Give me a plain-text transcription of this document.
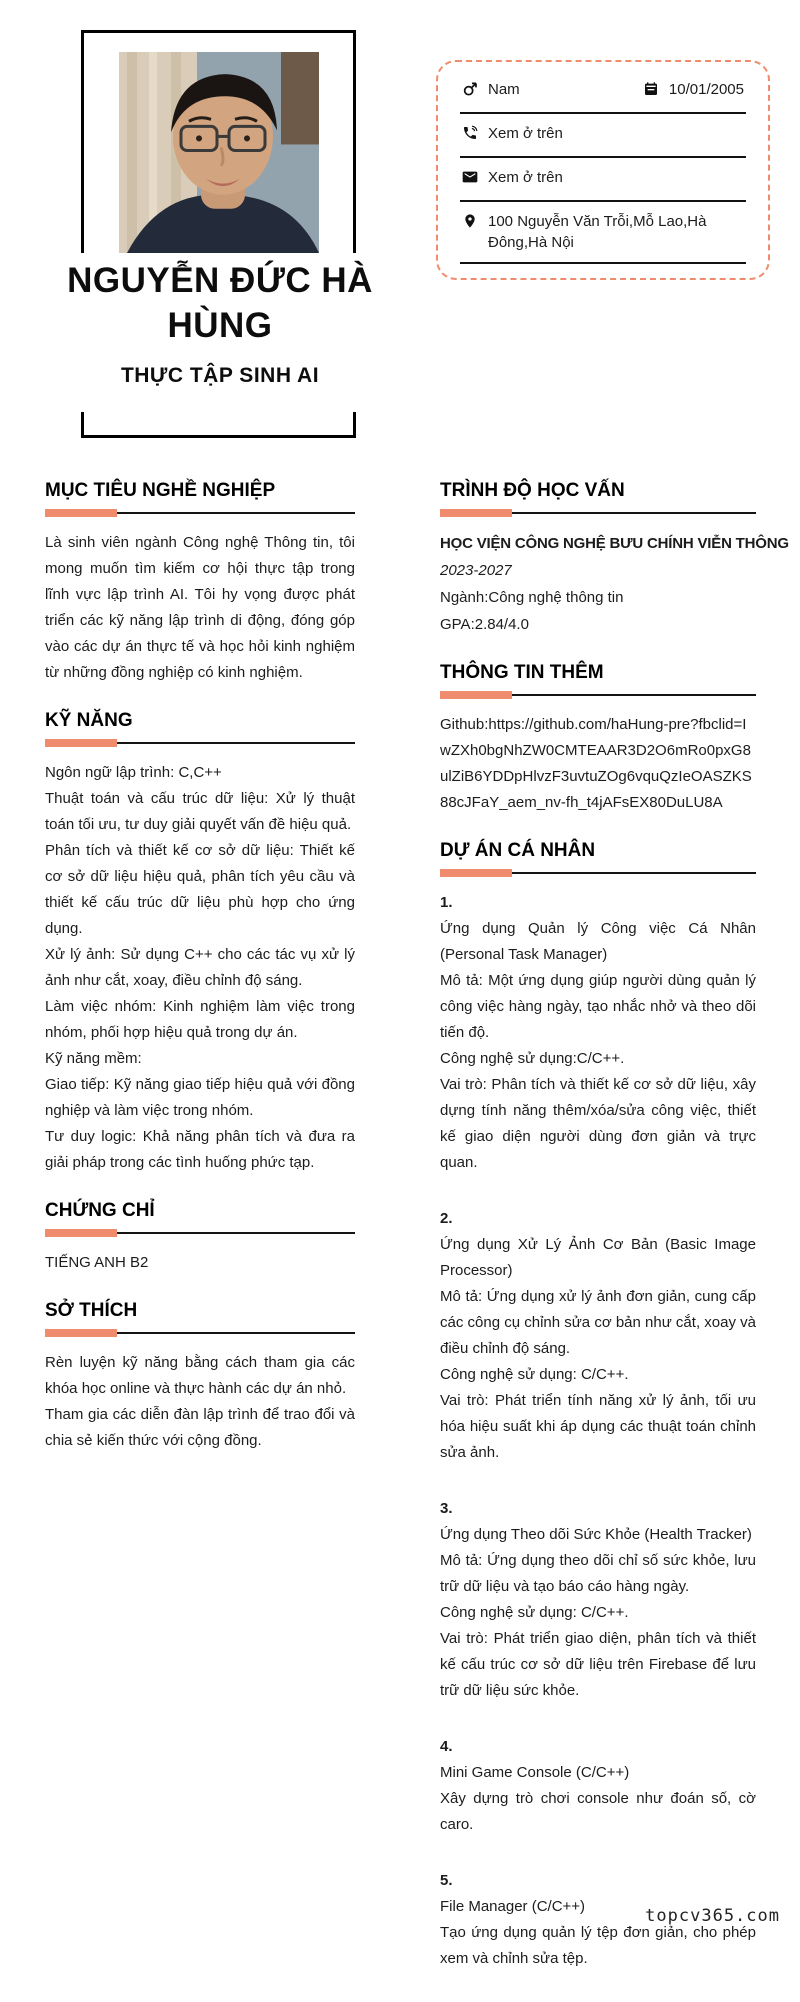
Nam	10/01/2005
Xem ở trên
Xem ở trên
100 Nguyễn Văn Trỗi,Mỗ Lao,Hà Đông,Hà Nội
NGUYỄN ĐỨC HÀ HÙNG
THỰC TẬP SINH AI
MỤC TIÊU NGHỀ NGHIỆP

Là sinh viên ngành Công nghệ Thông tin, tôi mong muốn tìm kiếm cơ hội thực tập trong lĩnh vực lập trình AI. Tôi hy vọng được phát triển các kỹ năng lập trình di động, đóng góp vào các dự án thực tế và học hỏi kinh nghiệm từ những đồng nghiệp có kinh nghiệm.

KỸ NĂNG

Ngôn ngữ lập trình: C,C++

Thuật toán và cấu trúc dữ liệu: Xử lý thuật toán tối ưu, tư duy giải quyết vấn đề hiệu quả.

Phân tích và thiết kế cơ sở dữ liệu: Thiết kế cơ sở dữ liệu hiệu quả, phân tích yêu cầu và thiết kế cấu trúc dữ liệu phù hợp cho ứng dụng.

Xử lý ảnh: Sử dụng C++ cho các tác vụ xử lý ảnh như cắt, xoay, điều chỉnh độ sáng.

Làm việc nhóm: Kinh nghiệm làm việc trong nhóm, phối hợp hiệu quả trong dự án.

Kỹ năng mềm:

Giao tiếp: Kỹ năng giao tiếp hiệu quả với đồng nghiệp và làm việc trong nhóm.

Tư duy logic: Khả năng phân tích và đưa ra giải pháp trong các tình huống phức tạp.

CHỨNG CHỈ

TIẾNG ANH B2

SỞ THÍCH

Rèn luyện kỹ năng bằng cách tham gia các khóa học online và thực hành các dự án nhỏ.

Tham gia các diễn đàn lập trình để trao đổi và chia sẻ kiến thức với cộng đồng.

TRÌNH ĐỘ HỌC VẤN

HỌC VIỆN CÔNG NGHỆ BƯU CHÍNH VIỄN THÔNG

2023-2027

Ngành:Công nghệ thông tin

GPA:2.84/4.0

THÔNG TIN THÊM

Github:https://github.com/haHung-pre?fbclid=IwZXh0bgNhZW0CMTEAAR3D2O6mRo0pxG8ulZiB6YDDpHlvzF3uvtuZOg6vquQzIeOASZKS88cJFaY_aem_nv-fh_t4jAFsEX80DuLU8A

DỰ ÁN CÁ NHÂN

1.

Ứng dụng Quản lý Công việc Cá Nhân (Personal Task Manager)

Mô tả: Một ứng dụng giúp người dùng quản lý công việc hàng ngày, tạo nhắc nhở và theo dõi tiến độ.

Công nghệ sử dụng:C/C++.

Vai trò: Phân tích và thiết kế cơ sở dữ liệu, xây dựng tính năng thêm/xóa/sửa công việc, thiết kế giao diện người dùng đơn giản và trực quan.

2.

Ứng dụng Xử Lý Ảnh Cơ Bản (Basic Image Processor)

Mô tả: Ứng dụng xử lý ảnh đơn giản, cung cấp các công cụ chỉnh sửa cơ bản như cắt, xoay và điều chỉnh độ sáng.

Công nghệ sử dụng: C/C++.

Vai trò: Phát triển tính năng xử lý ảnh, tối ưu hóa hiệu suất khi áp dụng các thuật toán chỉnh sửa ảnh.

3.

Ứng dụng Theo dõi Sức Khỏe (Health Tracker)

Mô tả: Ứng dụng theo dõi chỉ số sức khỏe, lưu trữ dữ liệu và tạo báo cáo hàng ngày.

Công nghệ sử dụng: C/C++.

Vai trò: Phát triển giao diện, phân tích và thiết kế cấu trúc cơ sở dữ liệu trên Firebase để lưu trữ dữ liệu sức khỏe.

4.

Mini Game Console (C/C++)

Xây dựng trò chơi console như đoán số, cờ caro.

5.

File Manager (C/C++)

Tạo ứng dụng quản lý tệp đơn giản, cho phép xem và chỉnh sửa tệp.

topcv365.com
